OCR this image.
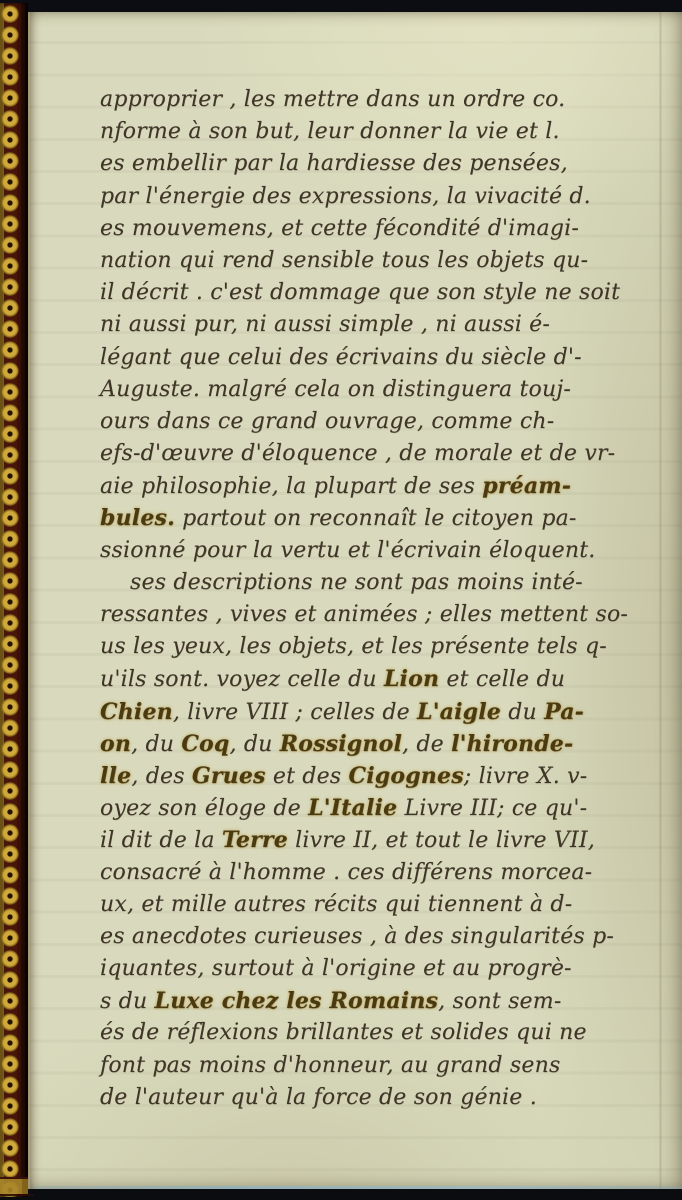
approprier , les mettre dans un ordre co.
nforme à son but, leur donner la vie et l.
es embellir par la hardiesse des pensées,
par l'énergie des expressions, la vivacité d.
es mouvemens, et cette fécondité d'imagi-
nation qui rend sensible tous les objets qu-
il décrit . c'est dommage que son style ne soit
ni aussi pur, ni aussi simple , ni aussi é-
légant que celui des écrivains du siècle d'-
Auguste. malgré cela on distinguera touj-
ours dans ce grand ouvrage, comme ch-
efs-d'œuvre d'éloquence , de morale et de vr-
aie philosophie, la plupart de ses préam-
bules. partout on reconnaît le citoyen pa-
ssionné pour la vertu et l'écrivain éloquent.
ses descriptions ne sont pas moins inté-
ressantes , vives et animées ; elles mettent so-
us les yeux, les objets, et les présente tels q-
u'ils sont. voyez celle du Lion et celle du
Chien, livre VIII ; celles de L'aigle du Pa-
on, du Coq, du Rossignol, de l'hironde-
lle, des Grues et des Cigognes; livre X. v-
oyez son éloge de L'Italie Livre III; ce qu'-
il dit de la Terre livre II, et tout le livre VII,
consacré à l'homme . ces différens morcea-
ux, et mille autres récits qui tiennent à d-
es anecdotes curieuses , à des singularités p-
iquantes, surtout à l'origine et au progrè-
s du Luxe chez les Romains, sont sem-
és de réflexions brillantes et solides qui ne
font pas moins d'honneur, au grand sens
de l'auteur qu'à la force de son génie .
